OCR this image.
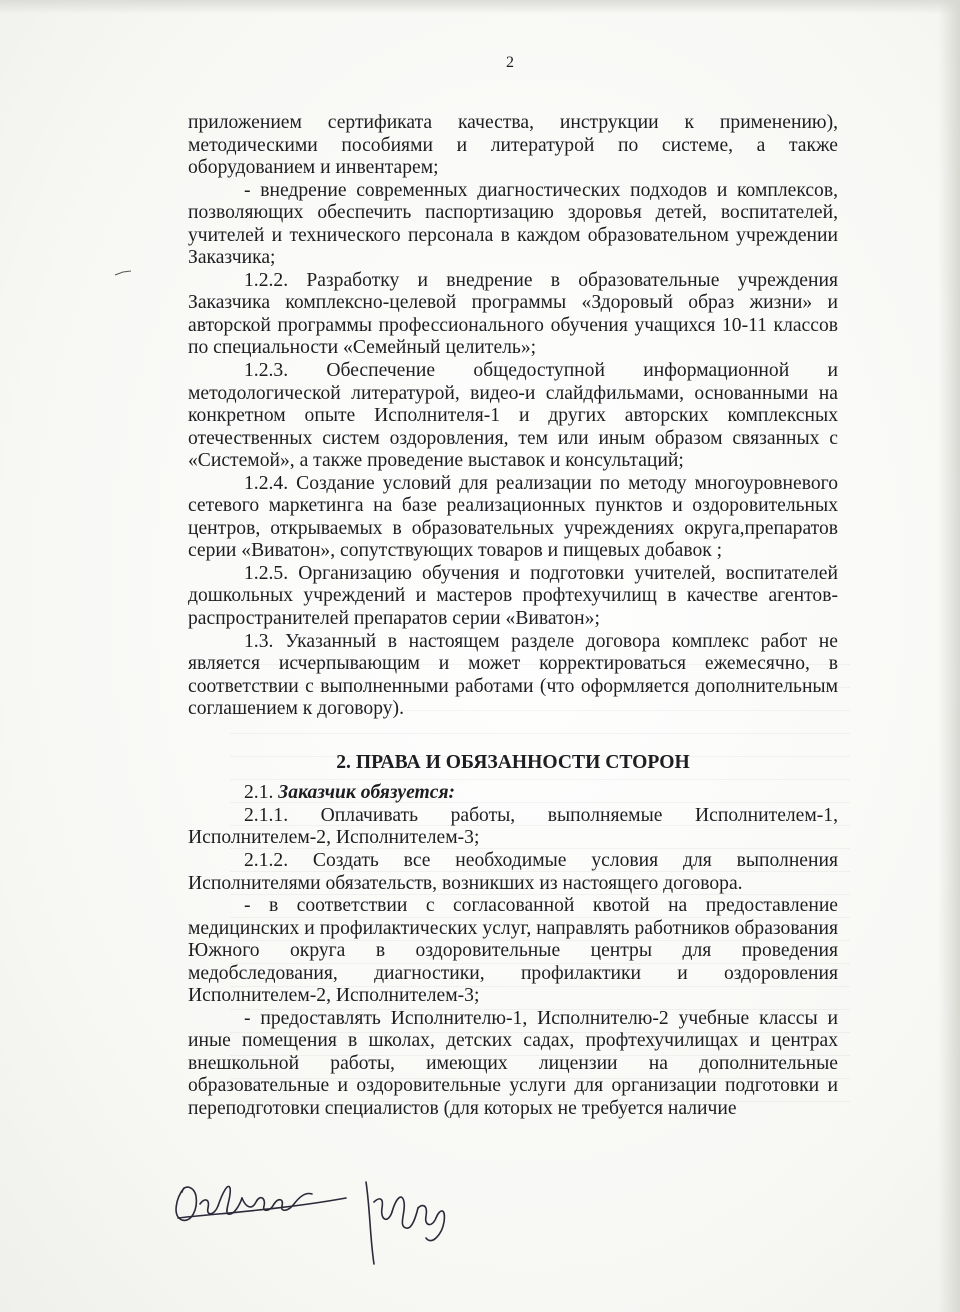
2

приложением сертификата качества, инструкции к применению), методическими пособиями и литературой по системе, а также оборудованием и инвентарем;

- внедрение современных диагностических подходов и комплексов, позволяющих обеспечить паспортизацию здоровья детей, воспитателей, учителей и технического персонала в каждом образовательном учреждении Заказчика;

1.2.2. Разработку и внедрение в образовательные учреждения Заказчика комплексно-целевой программы «Здоровый образ жизни» и авторской программы профессионального обучения учащихся 10-11 классов по специальности «Семейный целитель»;

1.2.3. Обеспечение общедоступной информационной и методологической литературой, видео-и слайдфильмами, основанными на конкретном опыте Исполнителя-1 и других авторских комплексных отечественных систем оздоровления, тем или иным образом связанных с «Системой», а также проведение выставок и консультаций;

1.2.4. Создание условий для реализации по методу многоуровневого сетевого маркетинга на базе реализационных пунктов и оздоровительных центров, открываемых в образовательных учреждениях округа,препаратов серии «Виватон», сопутствующих товаров и пищевых добавок ;

1.2.5. Организацию обучения и подготовки учителей, воспитателей дошкольных учреждений и мастеров профтехучилищ в качестве агентов-распространителей препаратов серии «Виватон»;

1.3. Указанный в настоящем разделе договора комплекс работ не является исчерпывающим и может корректироваться ежемесячно, в соответствии с выполненными работами (что оформляется дополнительным соглашением к договору).

2. ПРАВА И ОБЯЗАННОСТИ СТОРОН

2.1. Заказчик обязуется:

2.1.1. Оплачивать работы, выполняемые Исполнителем-1, Исполнителем-2, Исполнителем-3;

2.1.2. Создать все необходимые условия для выполнения Исполнителями обязательств, возникших из настоящего договора.

- в соответствии с согласованной квотой на предоставление медицинских и профилактических услуг, направлять работников образования Южного округа в оздоровительные центры для проведения медобследования, диагностики, профилактики и оздоровления Исполнителем-2, Исполнителем-3;

- предоставлять Исполнителю-1, Исполнителю-2 учебные классы и иные помещения в школах, детских садах, профтехучилищах и центрах внешкольной работы, имеющих лицензии на дополнительные образовательные и оздоровительные услуги для организации подготовки и переподготовки специалистов (для которых не требуется наличие
